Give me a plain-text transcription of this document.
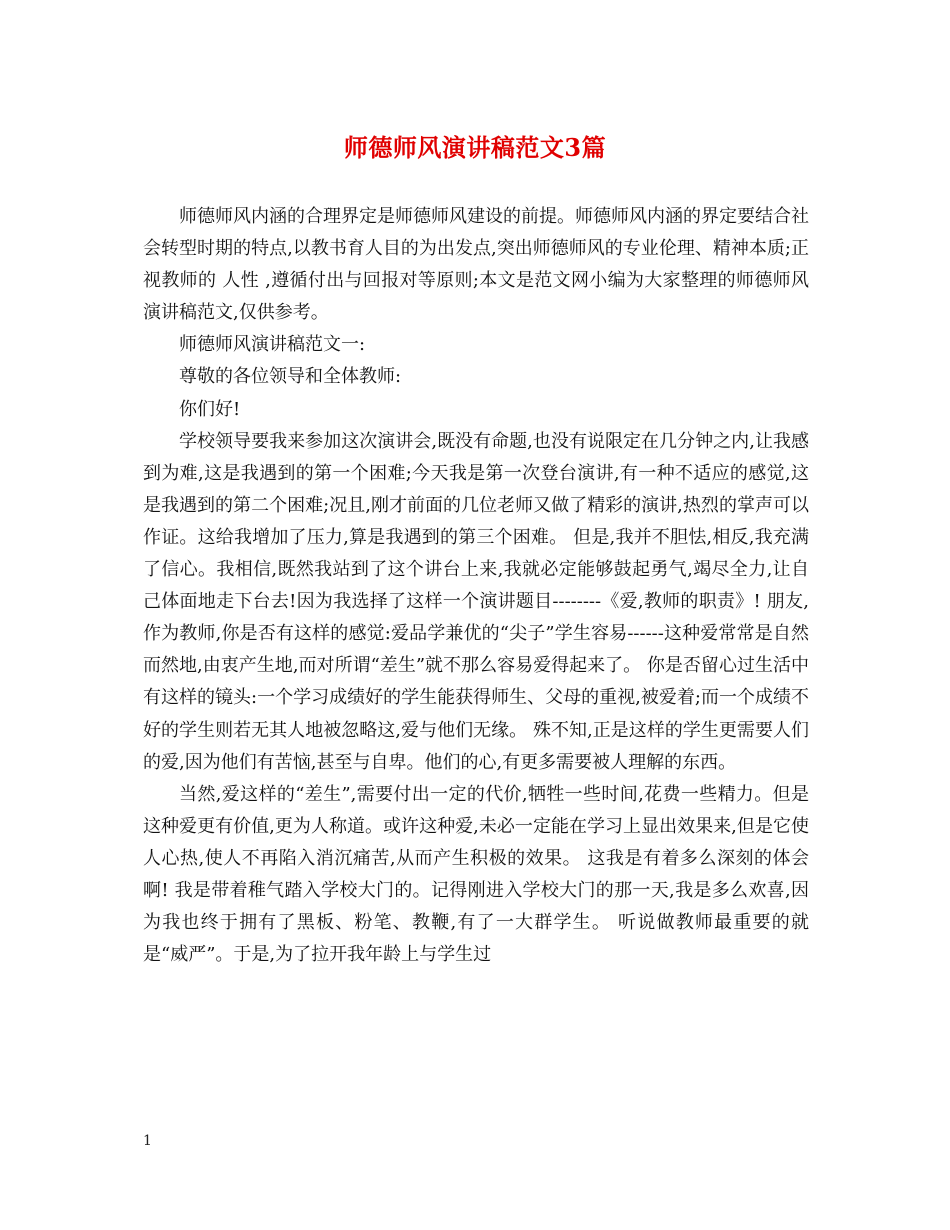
师德师风演讲稿范文3篇

师德师风内涵的合理界定是师德师风建设的前提。师德师风内涵的界定要结合社会转型时期的特点,以教书育人目的为出发点,突出师德师风的专业伦理、精神本质;正视教师的 人性 ,遵循付出与回报对等原则;本文是范文网小编为大家整理的师德师风演讲稿范文,仅供参考。

师德师风演讲稿范文一:

尊敬的各位领导和全体教师:

你们好!

学校领导要我来参加这次演讲会,既没有命题,也没有说限定在几分钟之内,让我感到为难,这是我遇到的第一个困难;今天我是第一次登台演讲,有一种不适应的感觉,这是我遇到的第二个困难;况且,刚才前面的几位老师又做了精彩的演讲,热烈的掌声可以作证。这给我增加了压力,算是我遇到的第三个困难。 但是,我并不胆怯,相反,我充满了信心。我相信,既然我站到了这个讲台上来,我就必定能够鼓起勇气,竭尽全力,让自己体面地走下台去!因为我选择了这样一个演讲题目--------《爱,教师的职责》! 朋友,作为教师,你是否有这样的感觉:爱品学兼优的“尖子”学生容易------这种爱常常是自然而然地,由衷产生地,而对所谓“差生”就不那么容易爱得起来了。 你是否留心过生活中有这样的镜头:一个学习成绩好的学生能获得师生、父母的重视,被爱着;而一个成绩不好的学生则若无其人地被忽略这,爱与他们无缘。 殊不知,正是这样的学生更需要人们的爱,因为他们有苦恼,甚至与自卑。他们的心,有更多需要被人理解的东西。

当然,爱这样的“差生”,需要付出一定的代价,牺牲一些时间,花费一些精力。但是这种爱更有价值,更为人称道。或许这种爱,未必一定能在学习上显出效果来,但是它使人心热,使人不再陷入消沉痛苦,从而产生积极的效果。 这我是有着多么深刻的体会啊! 我是带着稚气踏入学校大门的。记得刚进入学校大门的那一天,我是多么欢喜,因为我也终于拥有了黑板、粉笔、教鞭,有了一大群学生。 听说做教师最重要的就是“威严”。于是,为了拉开我年龄上与学生过

1
